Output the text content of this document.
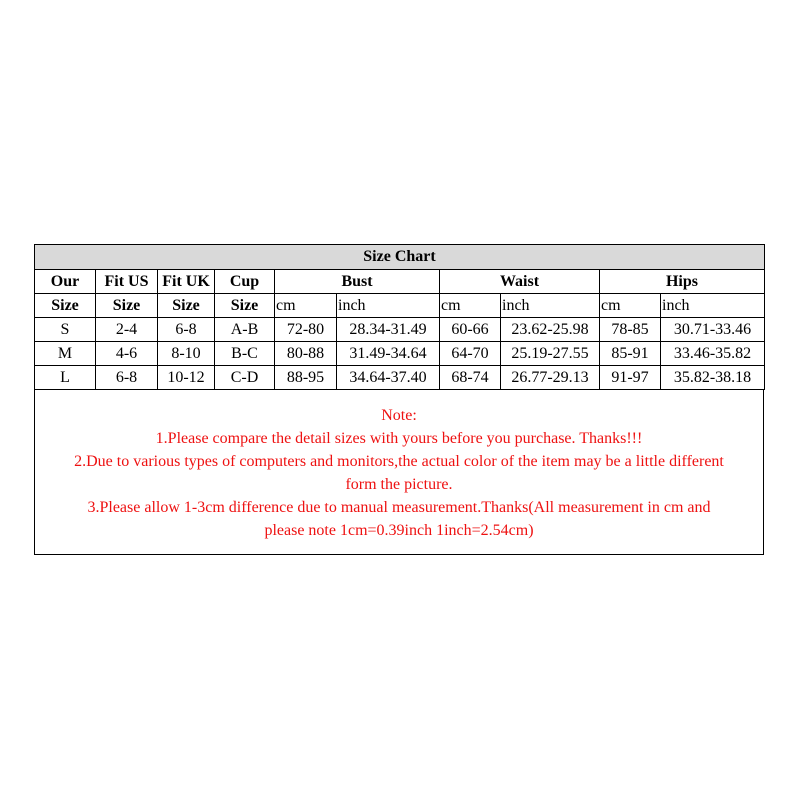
Size Chart									
Our	Fit US	Fit UK	Cup	Bust		Waist		Hips	
Size	Size	Size	Size	cm	inch	cm	inch	cm	inch
S	2-4	6-8	A-B	72-80	28.34-31.49	60-66	23.62-25.98	78-85	30.71-33.46
M	4-6	8-10	B-C	80-88	31.49-34.64	64-70	25.19-27.55	85-91	33.46-35.82
L	6-8	10-12	C-D	88-95	34.64-37.40	68-74	26.77-29.13	91-97	35.82-38.18
Note:
1.Please compare the detail sizes with yours before you purchase. Thanks!!!
2.Due to various types of computers and monitors,the actual color of the item may be a little different
form the picture.
3.Please allow 1-3cm difference due to manual measurement.Thanks(All measurement in cm and
please note 1cm=0.39inch 1inch=2.54cm)
